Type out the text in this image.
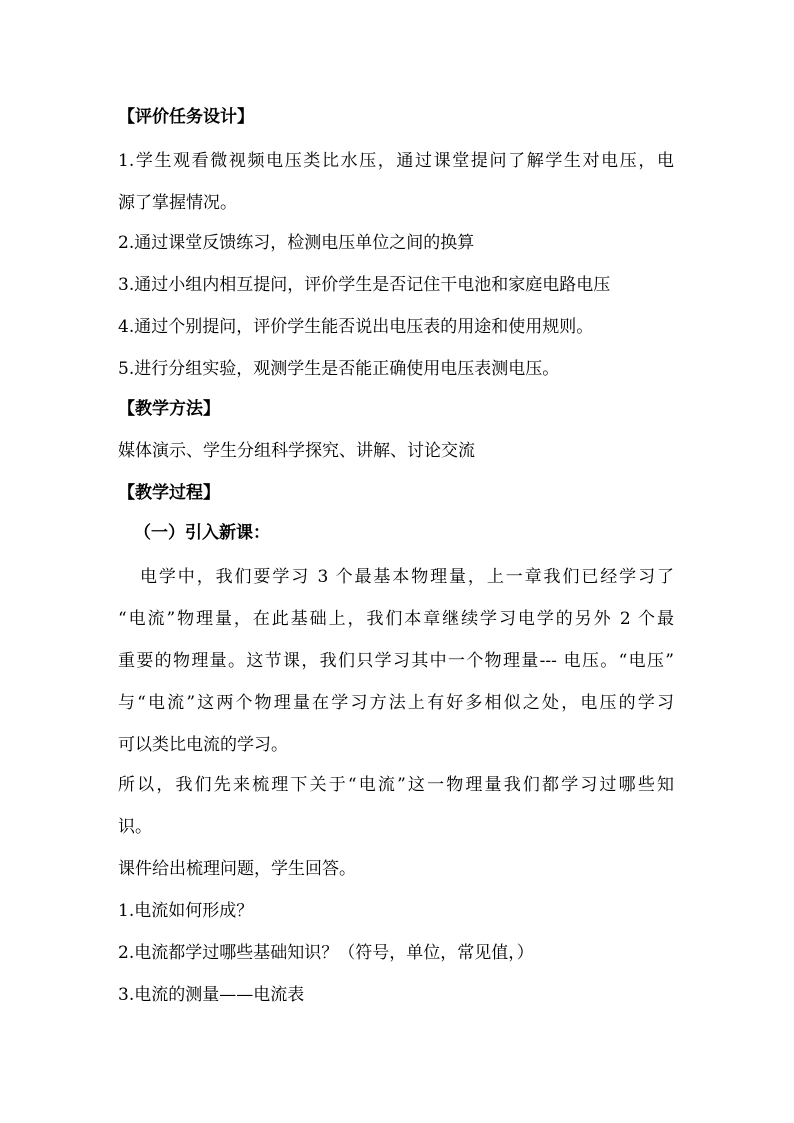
【评价任务设计】
1.学生观看微视频电压类比水压，通过课堂提问了解学生对电压，电
源了掌握情况。
2.通过课堂反馈练习，检测电压单位之间的换算
3.通过小组内相互提问，评价学生是否记住干电池和家庭电路电压
4.通过个别提问，评价学生能否说出电压表的用途和使用规则。
5.进行分组实验，观测学生是否能正确使用电压表测电压。
【教学方法】
媒体演示、学生分组科学探究、讲解、讨论交流
【教学过程】
（一）引入新课：
电学中，我们要学习 3 个最基本物理量，上一章我们已经学习了
“电流”物理量，在此基础上，我们本章继续学习电学的另外 2 个最
重要的物理量。这节课，我们只学习其中一个物理量--- 电压。“电压”
与“电流”这两个物理量在学习方法上有好多相似之处，电压的学习
可以类比电流的学习。
所以，我们先来梳理下关于“电流”这一物理量我们都学习过哪些知
识。
课件给出梳理问题，学生回答。
1.电流如何形成？
2.电流都学过哪些基础知识？（符号，单位，常见值，）
3.电流的测量——电流表
